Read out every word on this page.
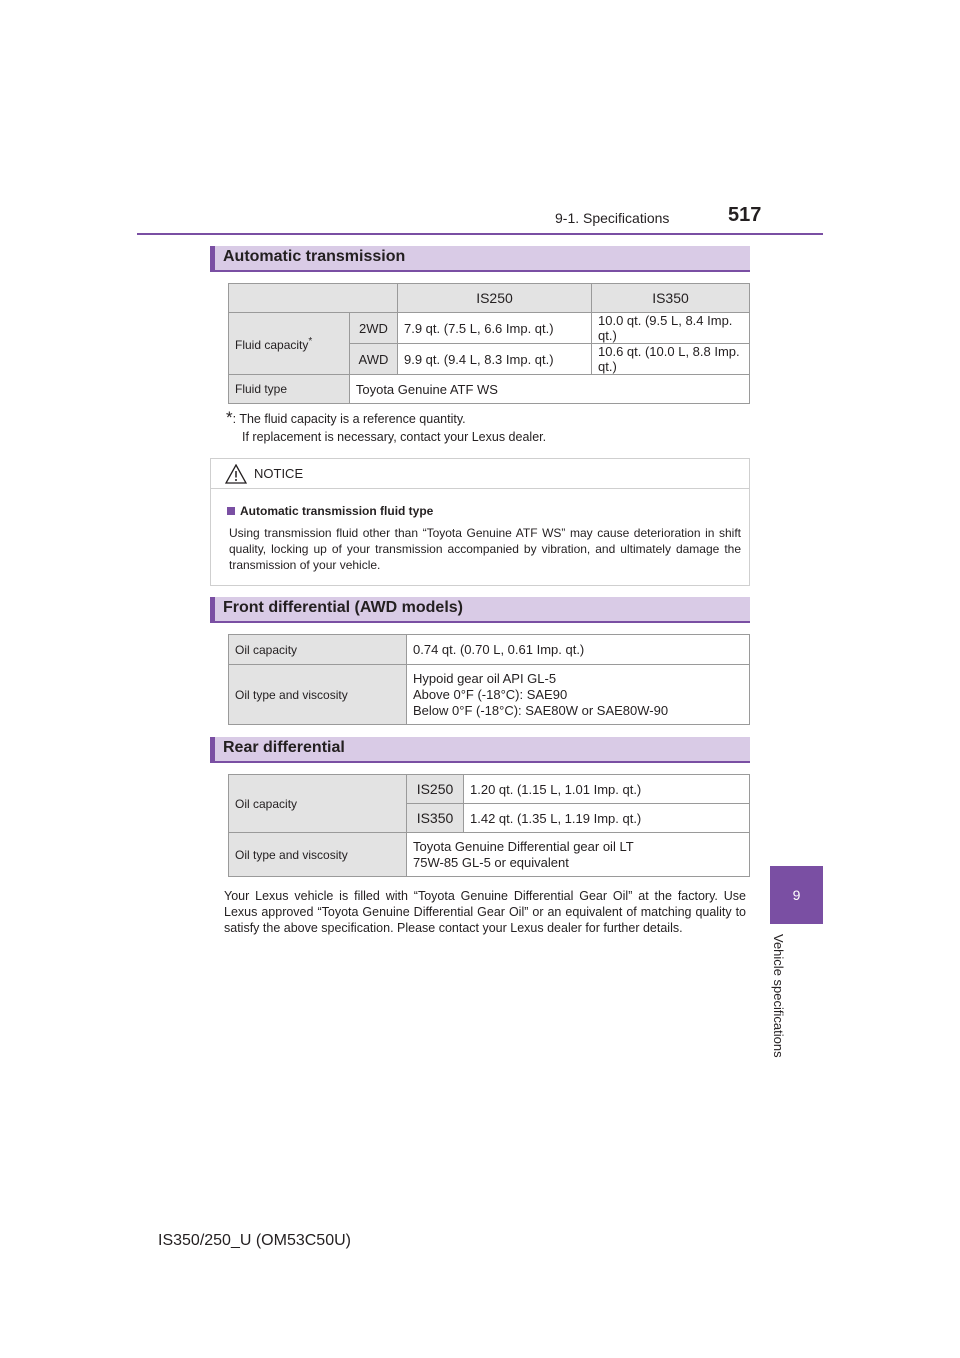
9-1. Specifications	517
9
Vehicle specifications
Automatic transmission
		IS250	IS350
Fluid capacity*	2WD	7.9 qt. (7.5 L, 6.6 Imp. qt.)	10.0 qt. (9.5 L, 8.4 Imp. qt.)
	AWD	9.9 qt. (9.4 L, 8.3 Imp. qt.)	10.6 qt. (10.0 L, 8.8 Imp. qt.)
Fluid type	Toyota Genuine ATF WS		
*: The fluid capacity is a reference quantity.
If replacement is necessary, contact your Lexus dealer.
NOTICE
Automatic transmission fluid type
Using transmission fluid other than “Toyota Genuine ATF WS” may cause deterioration in shift quality, locking up of your transmission accompanied by vibration, and ultimately damage the transmission of your vehicle.
Front differential (AWD models)
Oil capacity	0.74 qt. (0.70 L, 0.61 Imp. qt.)
Oil type and viscosity	Hypoid gear oil API GL-5
Above 0°F (-18°C): SAE90
Below 0°F (-18°C): SAE80W or SAE80W-90
Rear differential
Oil capacity	IS250	1.20 qt. (1.15 L, 1.01 Imp. qt.)
	IS350	1.42 qt. (1.35 L, 1.19 Imp. qt.)
Oil type and viscosity	Toyota Genuine Differential gear oil LT
75W-85 GL-5 or equivalent	
Your Lexus vehicle is filled with “Toyota Genuine Differential Gear Oil” at the factory. Use Lexus approved “Toyota Genuine Differential Gear Oil” or an equivalent of matching quality to satisfy the above specification. Please contact your Lexus dealer for further details.
IS350/250_U (OM53C50U)
